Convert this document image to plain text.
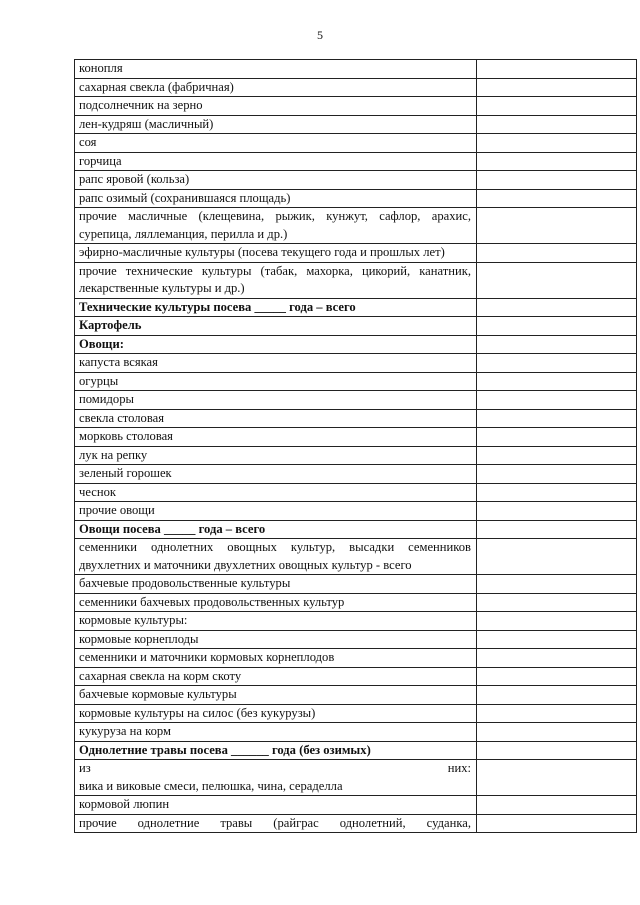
5
конопля	
сахарная свекла (фабричная)	
подсолнечник на зерно	
лен-кудряш (масличный)	
соя	
горчица	
рапс яровой (кольза)	
рапс озимый (сохранившаяся площадь)	
прочие масличные (клещевина, рыжик, кунжут, сафлор, арахис, сурепица, ляллеманция, перилла и др.)	
эфирно-масличные культуры (посева текущего года и прошлых лет)	
прочие технические культуры (табак, махорка, цикорий, канатник, лекарственные культуры и др.)	
Технические культуры посева _____ года – всего	
Картофель	
Овощи:	
капуста всякая	
огурцы	
помидоры	
свекла столовая	
морковь столовая	
лук на репку	
зеленый горошек	
чеснок	
прочие овощи	
Овощи посева _____ года – всего	
семенники однолетних овощных культур, высадки семенников двухлетних и маточники двухлетних овощных культур - всего	
бахчевые продовольственные культуры	
семенники бахчевых продовольственных культур	
кормовые культуры:	
кормовые корнеплоды	
семенники и маточники кормовых корнеплодов	
сахарная свекла на корм скоту	
бахчевые кормовые культуры	
кормовые культуры на силос (без кукурузы)	
кукуруза на корм	
Однолетние травы посева ______ года (без озимых)	

из них:
вика и виковые смеси, пелюшка, чина, сераделла	

кормовой люпин	
прочие однолетние травы (райграс однолетний, суданка,	
